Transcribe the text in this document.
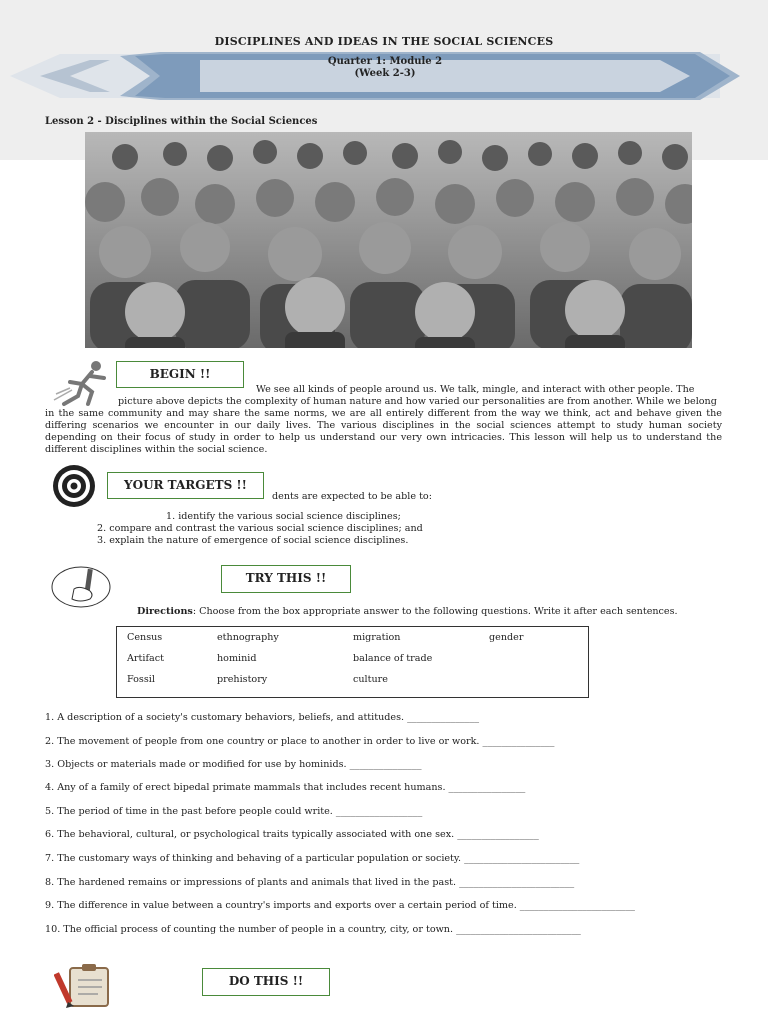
DISCIPLINES AND IDEAS IN THE SOCIAL SCIENCES
Quarter 1: Module 2
(Week 2-3)
Lesson 2 - Disciplines within the Social Sciences
BEGIN !!
We see all kinds of people around us. We talk, mingle, and interact with other people. The
picture above depicts the complexity of human nature and how varied our personalities are from another. While we belong
in the same community and may share the same norms, we are all entirely different from the way we think, act and behave given the differing scenarios we encounter in our daily lives. The various disciplines in the social sciences attempt to study human society depending on their focus of study in order to help us understand our very own intricacies. This lesson will help us to understand the different disciplines within the social science.
YOUR TARGETS !!
dents are expected to be able to:
1. identify the various social science disciplines;
2. compare and contrast the various social science disciplines; and
3. explain the nature of emergence of social science disciplines.
TRY THIS !!
Directions: Choose from the box appropriate answer to the following questions. Write it after each sentences.
Census
Artifact
Fossil
ethnography
hominid
prehistory
migration
balance of trade
culture
gender
1. A description of a society's customary behaviors, beliefs, and attitudes. _______________
2. The movement of people from one country or place to another in order to live or work. _______________
3. Objects or materials made or modified for use by hominids. _______________
4. Any of a family of erect bipedal primate mammals that includes recent humans. ________________
5. The period of time in the past before people could write. __________________
6. The behavioral, cultural, or psychological traits typically associated with one sex. _________________
7. The customary ways of thinking and behaving of a particular population or society. ________________________
8. The hardened remains or impressions of plants and animals that lived in the past. ________________________
9. The difference in value between a country's imports and exports over a certain period of time. ________________________
10. The official process of counting the number of people in a country, city, or town. __________________________
DO THIS !!
